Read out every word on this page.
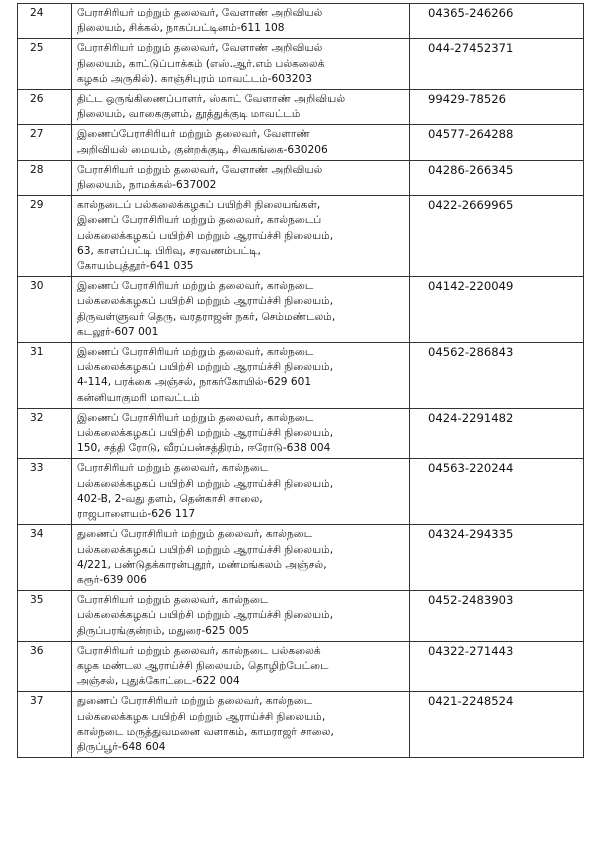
24	பேராசிரியர் மற்றும் தலைவர், வேளாண் அறிவியல்
நிலையம், சிக்கல், நாகப்பட்டினம்-611 108	04365-246266
25	பேராசிரியர் மற்றும் தலைவர், வேளாண் அறிவியல்
நிலையம், காட்டுப்பாக்கம் (எஸ்.ஆர்.எம் பல்கலைக்
கழகம் அருகில்). காஞ்சிபுரம் மாவட்டம்-603203	044-27452371
26	திட்ட ஒருங்கிணைப்பாளர், ஸ்காட் வேளாண் அறிவியல்
நிலையம், வாகைகுளம், தூத்துக்குடி மாவட்டம்	99429-78526
27	இணைப்பேராசிரியர் மற்றும் தலைவர், வேளாண்
அறிவியல் மையம், குன்றக்குடி, சிவகங்கை-630206	04577-264288
28	பேராசிரியர் மற்றும் தலைவர், வேளாண் அறிவியல்
நிலையம், நாமக்கல்-637002	04286-266345
29	கால்நடைப் பல்கலைக்கழகப் பயிற்சி நிலையங்கள்,
இணைப் பேராசிரியர் மற்றும் தலைவர், கால்நடைப்
பல்கலைக்கழகப் பயிற்சி மற்றும் ஆராய்ச்சி நிலையம்,
63, காளப்பட்டி பிரிவு, சரவணம்பட்டி,
கோயம்புத்தூர்-641 035	0422-2669965
30	இணைப் பேராசிரியர் மற்றும் தலைவர், கால்நடை
பல்கலைக்கழகப் பயிற்சி மற்றும் ஆராய்ச்சி நிலையம்,
திருவள்ளுவர் தெரு, வரதராஜன் நகர், செம்மண்டலம்,
கடலூர்-607 001	04142-220049
31	இணைப் பேராசிரியர் மற்றும் தலைவர், கால்நடை
பல்கலைக்கழகப் பயிற்சி மற்றும் ஆராய்ச்சி நிலையம்,
4-114, பரக்கை அஞ்சல், நாகர்கோயில்-629 601
கன்னியாகுமரி மாவட்டம்	04562-286843
32	இணைப் பேராசிரியர் மற்றும் தலைவர், கால்நடை
பல்கலைக்கழகப் பயிற்சி மற்றும் ஆராய்ச்சி நிலையம்,
150, சத்தி ரோடு, வீரப்பன்சத்திரம், ஈரோடு-638 004	0424-2291482
33	பேராசிரியர் மற்றும் தலைவர், கால்நடை
பல்கலைக்கழகப் பயிற்சி மற்றும் ஆராய்ச்சி நிலையம்,
402-B, 2-வது தளம், தென்காசி சாலை,
ராஜபாளையம்-626 117	04563-220244
34	துணைப் பேராசிரியர் மற்றும் தலைவர், கால்நடை
பல்கலைக்கழகப் பயிற்சி மற்றும் ஆராய்ச்சி நிலையம்,
4/221, பண்டுதக்காரன்புதூர், மண்மங்கலம் அஞ்சல்,
கரூர்-639 006	04324-294335
35	பேராசிரியர் மற்றும் தலைவர், கால்நடை
பல்கலைக்கழகப் பயிற்சி மற்றும் ஆராய்ச்சி நிலையம்,
திருப்பரங்குன்றம், மதுரை-625 005	0452-2483903
36	பேராசிரியர் மற்றும் தலைவர், கால்நடை பல்கலைக்
கழக மண்டல ஆராய்ச்சி நிலையம், தொழிற்பேட்டை
அஞ்சல், புதுக்கோட்டை-622 004	04322-271443
37	துணைப் பேராசிரியர் மற்றும் தலைவர், கால்நடை
பல்கலைக்கழக பயிற்சி மற்றும் ஆராய்ச்சி நிலையம்,
கால்நடை மருத்துவமனை வளாகம், காமராஜர் சாலை,
திருப்பூர்-648 604	0421-2248524
